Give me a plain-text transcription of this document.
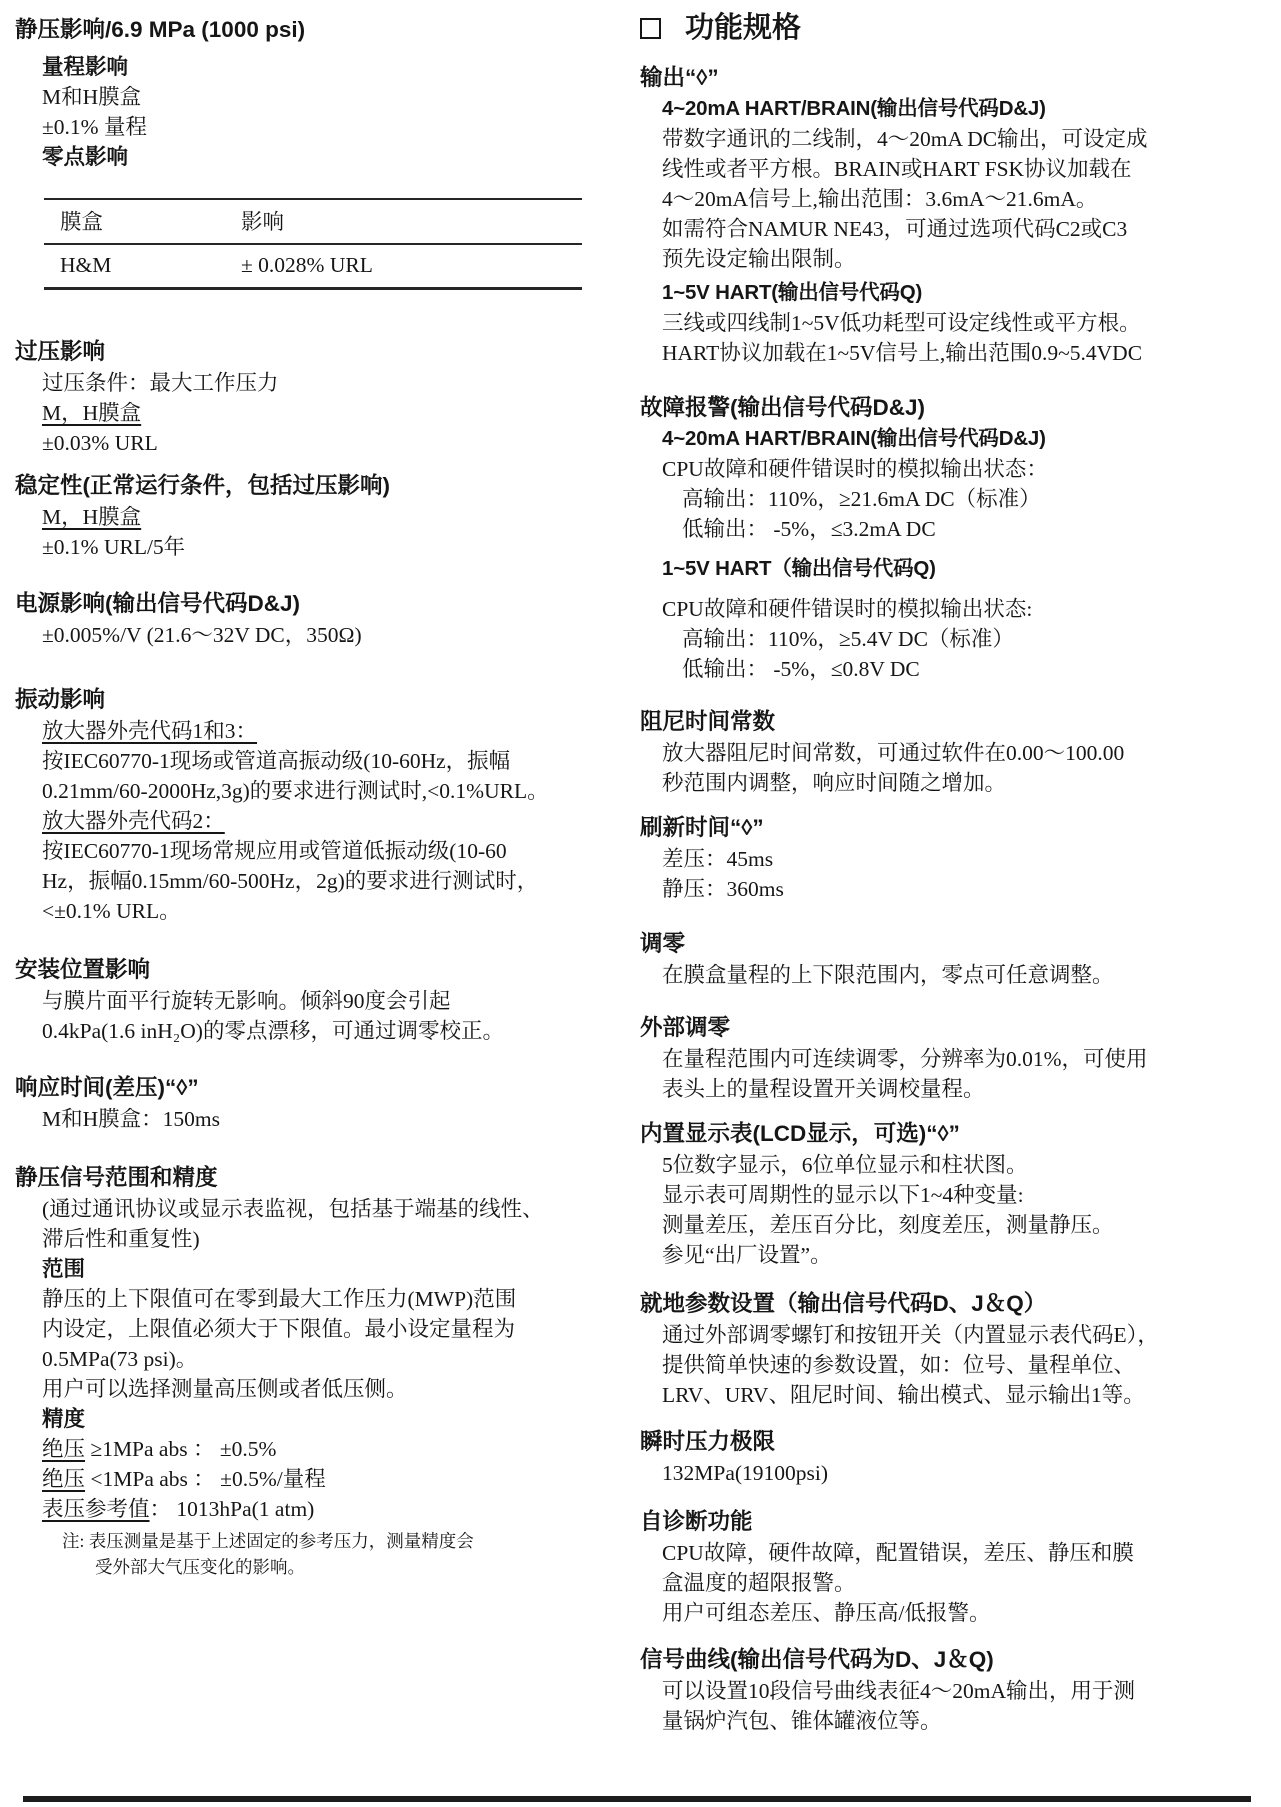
静压影响/6.9 MPa (1000 psi)
量程影响
M和H膜盒
±0.1% 量程
零点影响
膜盒	影响
H&M	± 0.028% URL
过压影响
过压条件：最大工作压力
M，H膜盒
±0.03% URL
稳定性(正常运行条件，包括过压影响)
M，H膜盒
±0.1% URL/5年
电源影响(输出信号代码D&J)
±0.005%/V (21.6～32V DC，350Ω)
振动影响
放大器外壳代码1和3：
按IEC60770-1现场或管道高振动级(10-60Hz，振幅
0.21mm/60-2000Hz,3g)的要求进行测试时,<0.1%URL。
放大器外壳代码2：
按IEC60770-1现场常规应用或管道低振动级(10-60
Hz，振幅0.15mm/60-500Hz，2g)的要求进行测试时，
<±0.1% URL。
安装位置影响
与膜片面平行旋转无影响。倾斜90度会引起
0.4kPa(1.6 inH₂O)的零点漂移，可通过调零校正。
响应时间(差压)“◊”
M和H膜盒：150ms
静压信号范围和精度
(通过通讯协议或显示表监视，包括基于端基的线性、
滞后性和重复性)
范围
静压的上下限值可在零到最大工作压力(MWP)范围
内设定，上限值必须大于下限值。最小设定量程为
0.5MPa(73 psi)。
用户可以选择测量高压侧或者低压侧。
精度
绝压 ≥1MPa abs ： ±0.5%
绝压 <1MPa abs ： ±0.5%/量程
表压参考值： 1013hPa(1 atm)
注: 表压测量是基于上述固定的参考压力，测量精度会
受外部大气压变化的影响。
功能规格
输出“◊”
4~20mA HART/BRAIN(输出信号代码D&J)
带数字通讯的二线制，4～20mA DC输出，可设定成
线性或者平方根。BRAIN或HART FSK协议加载在
4～20mA信号上,输出范围：3.6mA～21.6mA。
如需符合NAMUR NE43，可通过选项代码C2或C3
预先设定输出限制。
1~5V HART(输出信号代码Q)
三线或四线制1~5V低功耗型可设定线性或平方根。
HART协议加载在1~5V信号上,输出范围0.9~5.4VDC
故障报警(输出信号代码D&J)
4~20mA HART/BRAIN(输出信号代码D&J)
CPU故障和硬件错误时的模拟输出状态：
高输出：110%，≥21.6mA DC（标准）
低输出： -5%，≤3.2mA DC
1~5V HART（输出信号代码Q)
CPU故障和硬件错误时的模拟输出状态:
高输出：110%，≥5.4V DC（标准）
低输出： -5%，≤0.8V DC
阻尼时间常数
放大器阻尼时间常数，可通过软件在0.00～100.00
秒范围内调整，响应时间随之增加。
刷新时间“◊”
差压：45ms
静压：360ms
调零
在膜盒量程的上下限范围内，零点可任意调整。
外部调零
在量程范围内可连续调零，分辨率为0.01%，可使用
表头上的量程设置开关调校量程。
内置显示表(LCD显示，可选)“◊”
5位数字显示，6位单位显示和柱状图。
显示表可周期性的显示以下1~4种变量:
测量差压，差压百分比，刻度差压，测量静压。
参见“出厂设置”。
就地参数设置（输出信号代码D、J＆Q）
通过外部调零螺钉和按钮开关（内置显示表代码E），
提供简单快速的参数设置，如：位号、量程单位、
LRV、URV、阻尼时间、输出模式、显示输出1等。
瞬时压力极限
132MPa(19100psi)
自诊断功能
CPU故障，硬件故障，配置错误，差压、静压和膜
盒温度的超限报警。
用户可组态差压、静压高/低报警。
信号曲线(输出信号代码为D、J＆Q)
可以设置10段信号曲线表征4～20mA输出，用于测
量锅炉汽包、锥体罐液位等。
